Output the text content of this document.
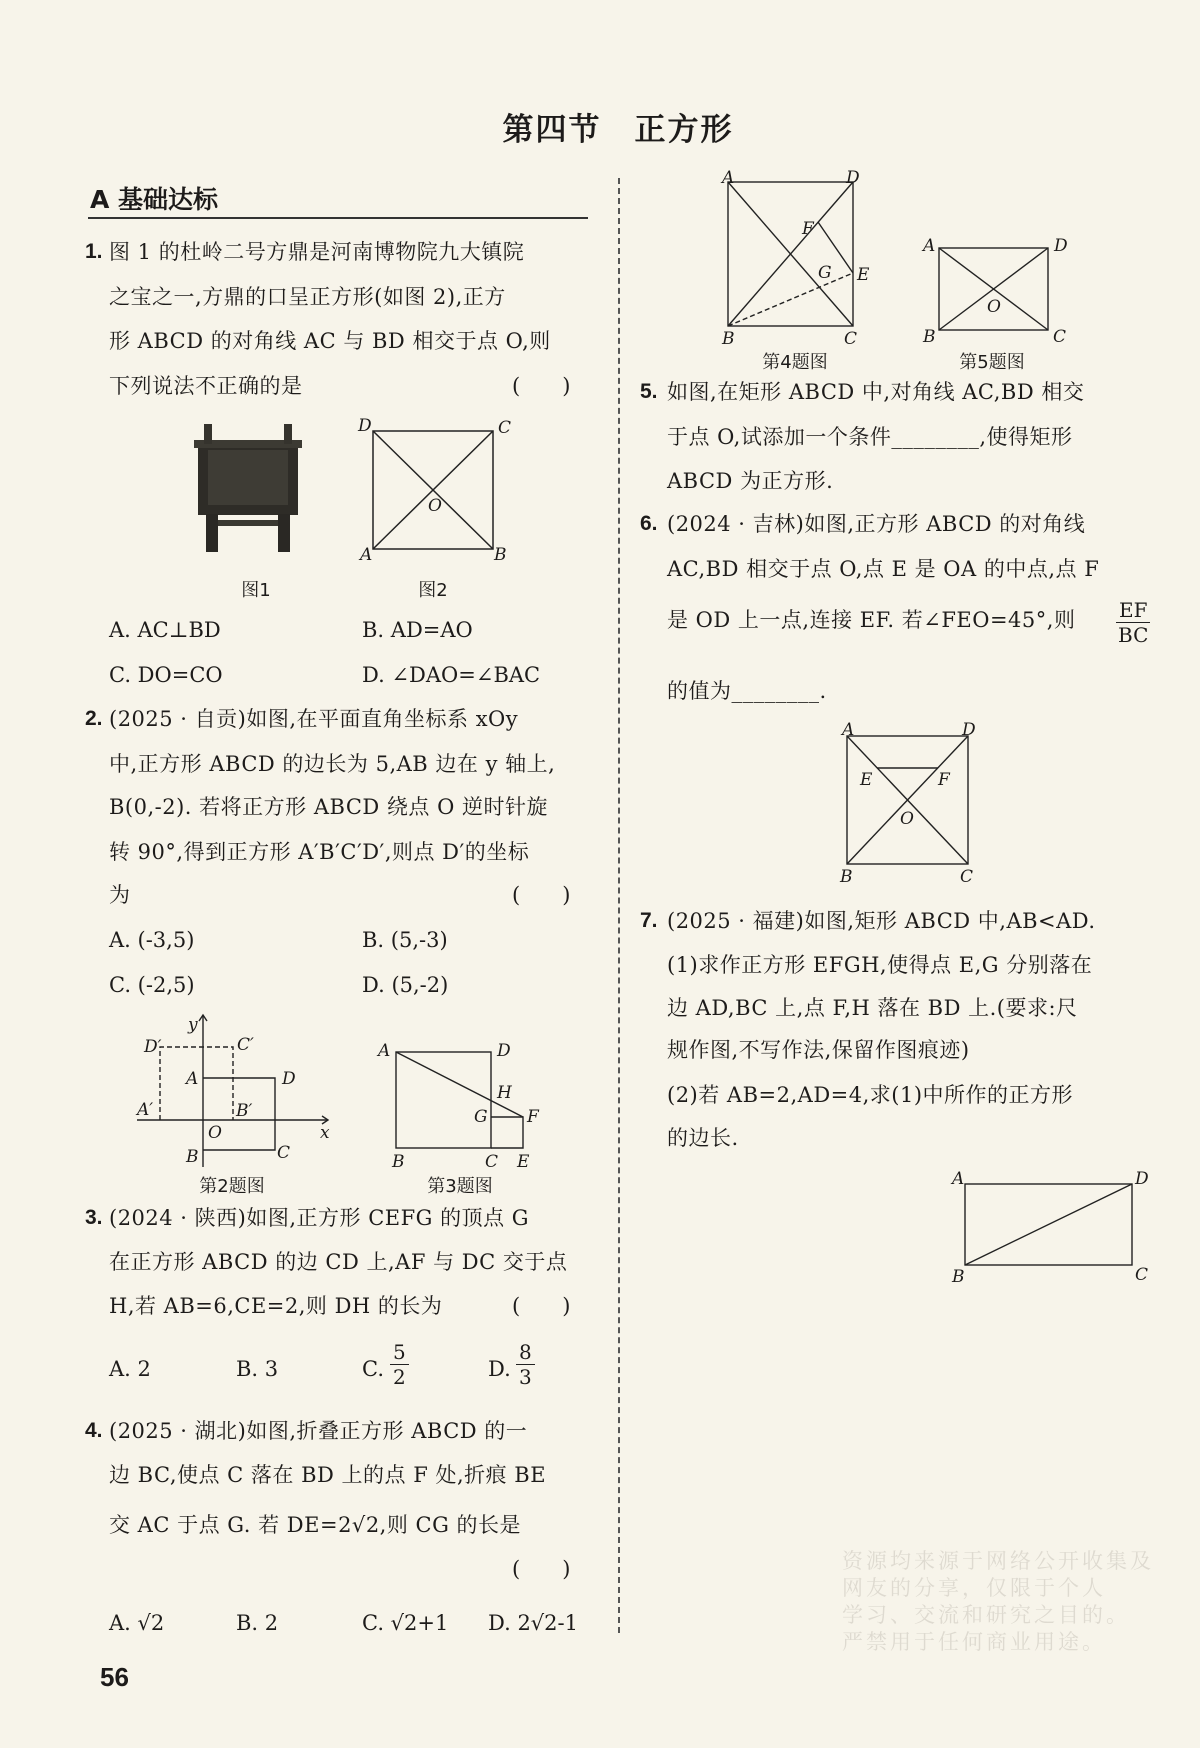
第四节　正方形
A 基础达标
1. 图 1 的杜岭二号方鼎是河南博物院九大镇院
之宝之一,方鼎的口呈正方形(如图 2),正方
形 ABCD 的对角线 AC 与 BD 相交于点 O,则
下列说法不正确的是
2. (2025 · 自贡)如图,在平面直角坐标系 xOy
中,正方形 ABCD 的边长为 5,AB 边在 y 轴上,
B(0,-2). 若将正方形 ABCD 绕点 O 逆时针旋
转 90°,得到正方形 A′B′C′D′,则点 D′的坐标
为
3. (2024 · 陕西)如图,正方形 CEFG 的顶点 G
在正方形 ABCD 的边 CD 上,AF 与 DC 交于点
H,若 AB=6,CE=2,则 DH 的长为
4. (2025 · 湖北)如图,折叠正方形 ABCD 的一
边 BC,使点 C 落在 BD 上的点 F 处,折痕 BE
交 AC 于点 G. 若 DE=2√2,则 CG 的长是
5. 如图,在矩形 ABCD 中,对角线 AC,BD 相交
于点 O,试添加一个条件________,使得矩形
ABCD 为正方形.
6. (2024 · 吉林)如图,正方形 ABCD 的对角线
AC,BD 相交于点 O,点 E 是 OA 的中点,点 F
是 OD 上一点,连接 EF. 若∠FEO=45°,则
的值为________.
7. (2025 · 福建)如图,矩形 ABCD 中,AB<AD.
(1)求作正方形 EFGH,使得点 E,G 分别落在
边 AD,BC 上,点 F,H 落在 BD 上.(要求:尺
规作图,不写作法,保留作图痕迹)
(2)若 AB=2,AD=4,求(1)中所作的正方形
的边长.
(　　)
(　　)
(　　)
(　　)
A. AC⊥BD	B. AD=AO
C. DO=CO	D. ∠DAO=∠BAC
A. (-3,5)	B. (5,-3)
C. (-2,5)	D. (5,-2)
A. 2	B. 3	C. $\frac{5}{2}$	D. $\frac{8}{3}$
A. √2	B. 2	C. √2+1 D. 2√2-1
$\frac{EF}{BC}$
图1
D	C
A	B
O
图2
y
D′	C′
A	D
A′	B′
O	x
B	C
第2题图
A	D
H
G F
B	C E
第3题图
A	D
F
G E
B	C
第4题图
A	D
O
B	C
第5题图
A	D
E	F
O
B	C
A	D
B	C
56
资源均来源于网络公开收集及
网友的分享，仅限于个人
学习、交流和研究之目的。
严禁用于任何商业用途。
